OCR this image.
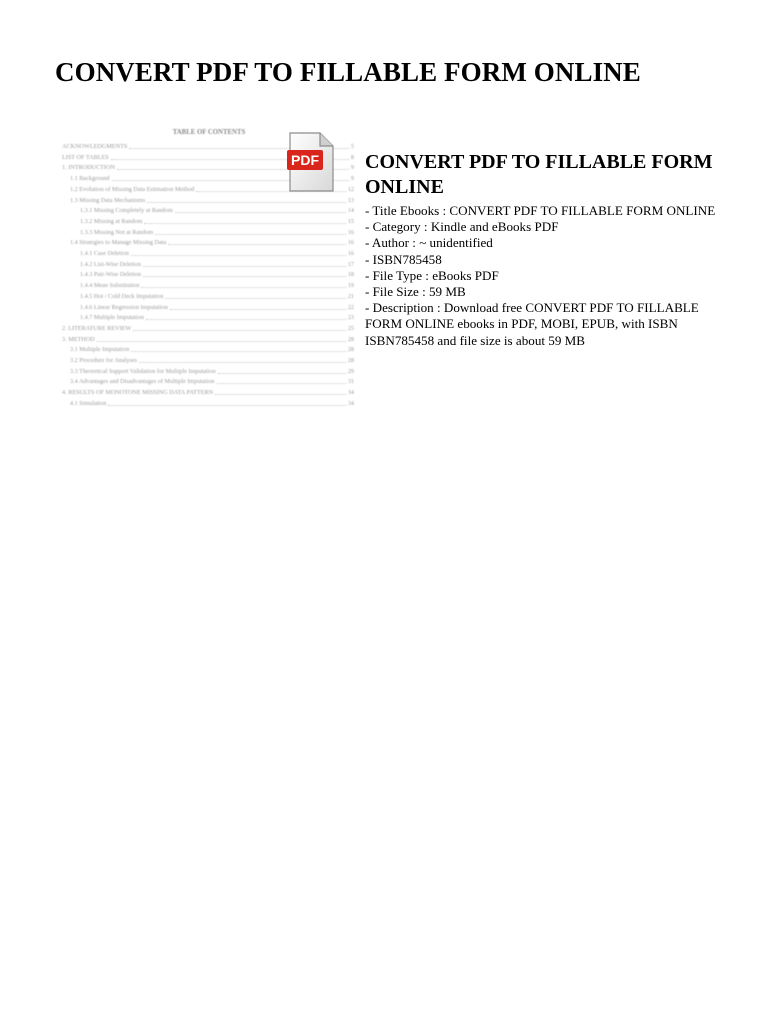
CONVERT PDF TO FILLABLE FORM ONLINE
TABLE OF CONTENTS
ACKNOWLEDGMENTS	5
LIST OF TABLES	8
1. INTRODUCTION	9
1.1 Background	9
1.2 Evolution of Missing Data Estimation Method	12
1.3 Missing Data Mechanisms	13
1.3.1 Missing Completely at Random	14
1.3.2 Missing at Random	15
1.3.3 Missing Not at Random	16
1.4 Strategies to Manage Missing Data	16
1.4.1 Case Deletion	16
1.4.2 List-Wise Deletion	17
1.4.3 Pair-Wise Deletion	18
1.4.4 Mean Substitution	19
1.4.5 Hot / Cold Deck Imputation	21
1.4.6 Linear Regression Imputation	22
1.4.7 Multiple Imputation	23
2. LITERATURE REVIEW	25
3. METHOD	28
3.1 Multiple Imputation	28
3.2 Procedure for Analyses	28
3.3 Theoretical Support Validation for Multiple Imputation	29
3.4 Advantages and Disadvantages of Multiple Imputation	31
4. RESULTS OF MONOTONE MISSING DATA PATTERN	34
4.1 Simulation	34
PDF CONVERT PDF TO FILLABLE FORM ONLINE
- Title Ebooks : CONVERT PDF TO FILLABLE FORM ONLINE
- Category : Kindle and eBooks PDF
- Author : ~ unidentified
- ISBN785458
- File Type : eBooks PDF
- File Size : 59 MB
- Description : Download free CONVERT PDF TO FILLABLE FORM ONLINE ebooks in PDF, MOBI, EPUB, with ISBN ISBN785458 and file size is about 59 MB
